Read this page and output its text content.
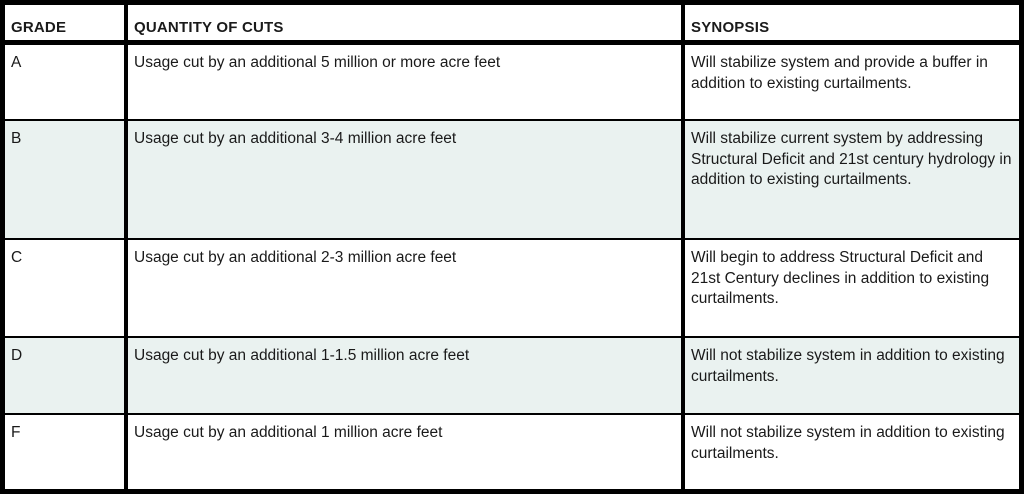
GRADE	QUANTITY OF CUTS	SYNOPSIS
A	Usage cut by an additional 5 million or more acre feet	Will stabilize system and provide a buffer in addition to existing curtailments.
B	Usage cut by an additional 3-4 million acre feet	Will stabilize current system by addressing Structural Deficit and 21st century hydrology in addition to existing curtailments.
C	Usage cut by an additional 2-3 million acre feet	Will begin to address Structural Deficit and 21st Century declines in addition to existing curtailments.
D	Usage cut by an additional 1-1.5 million acre feet	Will not stabilize system in addition to existing curtailments.
F	Usage cut by an additional 1 million acre feet	Will not stabilize system in addition to existing curtailments.
